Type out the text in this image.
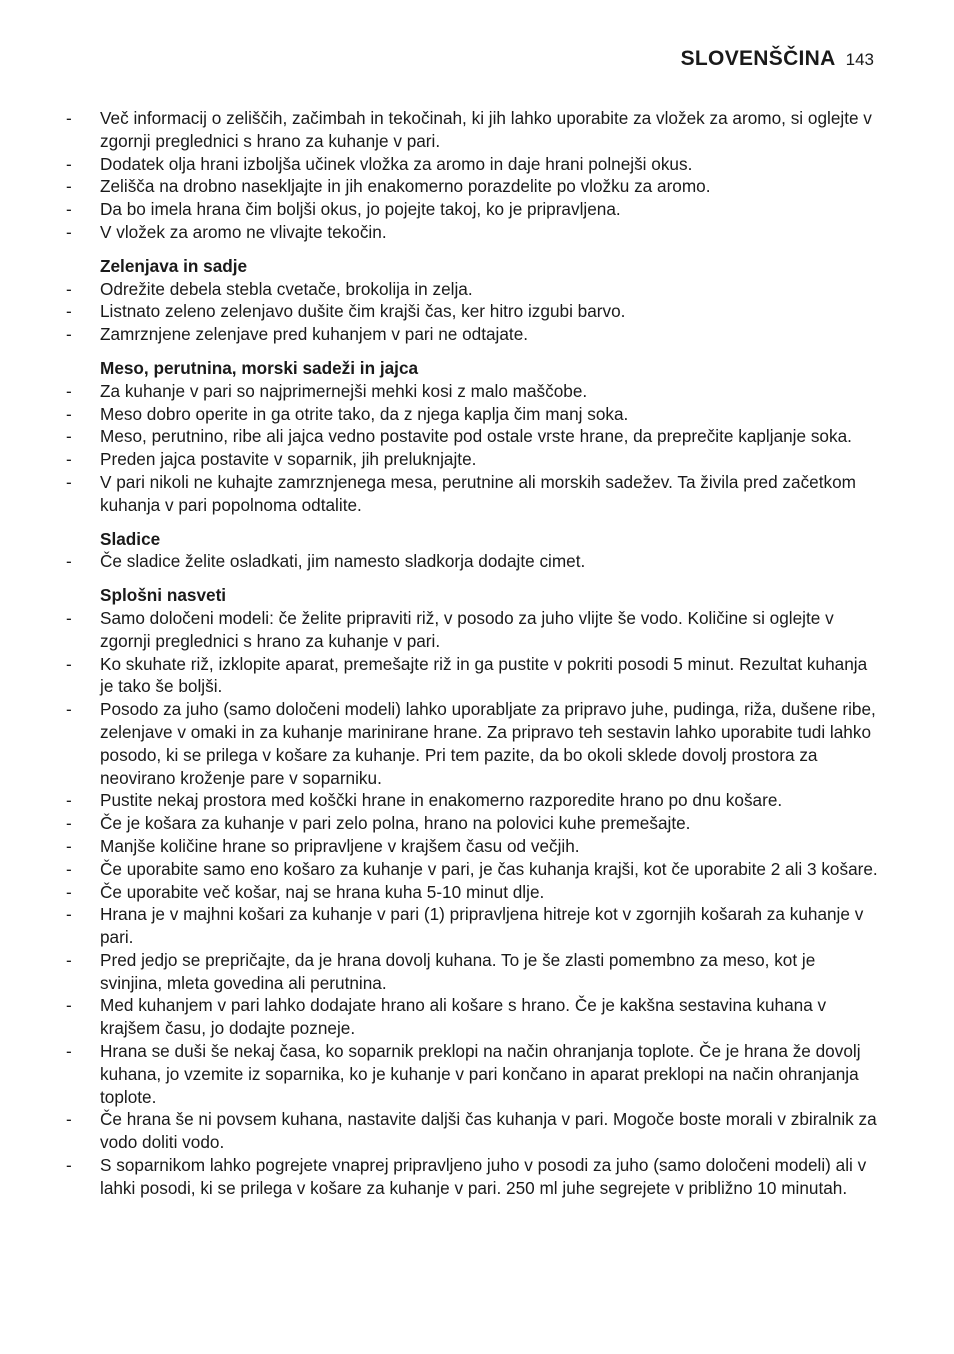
SLOVENŠČINA 143
- Več informacij o zeliščih, začimbah in tekočinah, ki jih lahko uporabite za vložek za aromo, si oglejte v zgornji preglednici s hrano za kuhanje v pari.
- Dodatek olja hrani izboljša učinek vložka za aromo in daje hrani polnejši okus.
- Zelišča na drobno nasekljajte in jih enakomerno porazdelite po vložku za aromo.
- Da bo imela hrana čim boljši okus, jo pojejte takoj, ko je pripravljena.
- V vložek za aromo ne vlivajte tekočin.
Zelenjava in sadje
- Odrežite debela stebla cvetače, brokolija in zelja.
- Listnato zeleno zelenjavo dušite čim krajši čas, ker hitro izgubi barvo.
- Zamrznjene zelenjave pred kuhanjem v pari ne odtajate.
Meso, perutnina, morski sadeži in jajca
- Za kuhanje v pari so najprimernejši mehki kosi z malo maščobe.
- Meso dobro operite in ga otrite tako, da z njega kaplja čim manj soka.
- Meso, perutnino, ribe ali jajca vedno postavite pod ostale vrste hrane, da preprečite kapljanje soka.
- Preden jajca postavite v soparnik, jih preluknjajte.
- V pari nikoli ne kuhajte zamrznjenega mesa, perutnine ali morskih sadežev. Ta živila pred začetkom kuhanja v pari popolnoma odtalite.
Sladice
- Če sladice želite osladkati, jim namesto sladkorja dodajte cimet.
Splošni nasveti
- Samo določeni modeli: če želite pripraviti riž, v posodo za juho vlijte še vodo. Količine si oglejte v zgornji preglednici s hrano za kuhanje v pari.
- Ko skuhate riž, izklopite aparat, premešajte riž in ga pustite v pokriti posodi 5 minut. Rezultat kuhanja je tako še boljši.
- Posodo za juho (samo določeni modeli) lahko uporabljate za pripravo juhe, pudinga, riža, dušene ribe, zelenjave v omaki in za kuhanje marinirane hrane. Za pripravo teh sestavin lahko uporabite tudi lahko posodo, ki se prilega v košare za kuhanje. Pri tem pazite, da bo okoli sklede dovolj prostora za neovirano kroženje pare v soparniku.
- Pustite nekaj prostora med koščki hrane in enakomerno razporedite hrano po dnu košare.
- Če je košara za kuhanje v pari zelo polna, hrano na polovici kuhe premešajte.
- Manjše količine hrane so pripravljene v krajšem času od večjih.
- Če uporabite samo eno košaro za kuhanje v pari, je čas kuhanja krajši, kot če uporabite 2 ali 3 košare.
- Če uporabite več košar, naj se hrana kuha 5-10 minut dlje.
- Hrana je v majhni košari za kuhanje v pari (1) pripravljena hitreje kot v zgornjih košarah za kuhanje v pari.
- Pred jedjo se prepričajte, da je hrana dovolj kuhana. To je še zlasti pomembno za meso, kot je svinjina, mleta govedina ali perutnina.
- Med kuhanjem v pari lahko dodajate hrano ali košare s hrano. Če je kakšna sestavina kuhana v krajšem času, jo dodajte pozneje.
- Hrana se duši še nekaj časa, ko soparnik preklopi na način ohranjanja toplote. Če je hrana že dovolj kuhana, jo vzemite iz soparnika, ko je kuhanje v pari končano in aparat preklopi na način ohranjanja toplote.
- Če hrana še ni povsem kuhana, nastavite daljši čas kuhanja v pari. Mogoče boste morali v zbiralnik za vodo doliti vodo.
- S soparnikom lahko pogrejete vnaprej pripravljeno juho v posodi za juho (samo določeni modeli) ali v lahki posodi, ki se prilega v košare za kuhanje v pari. 250 ml juhe segrejete v približno 10 minutah.
